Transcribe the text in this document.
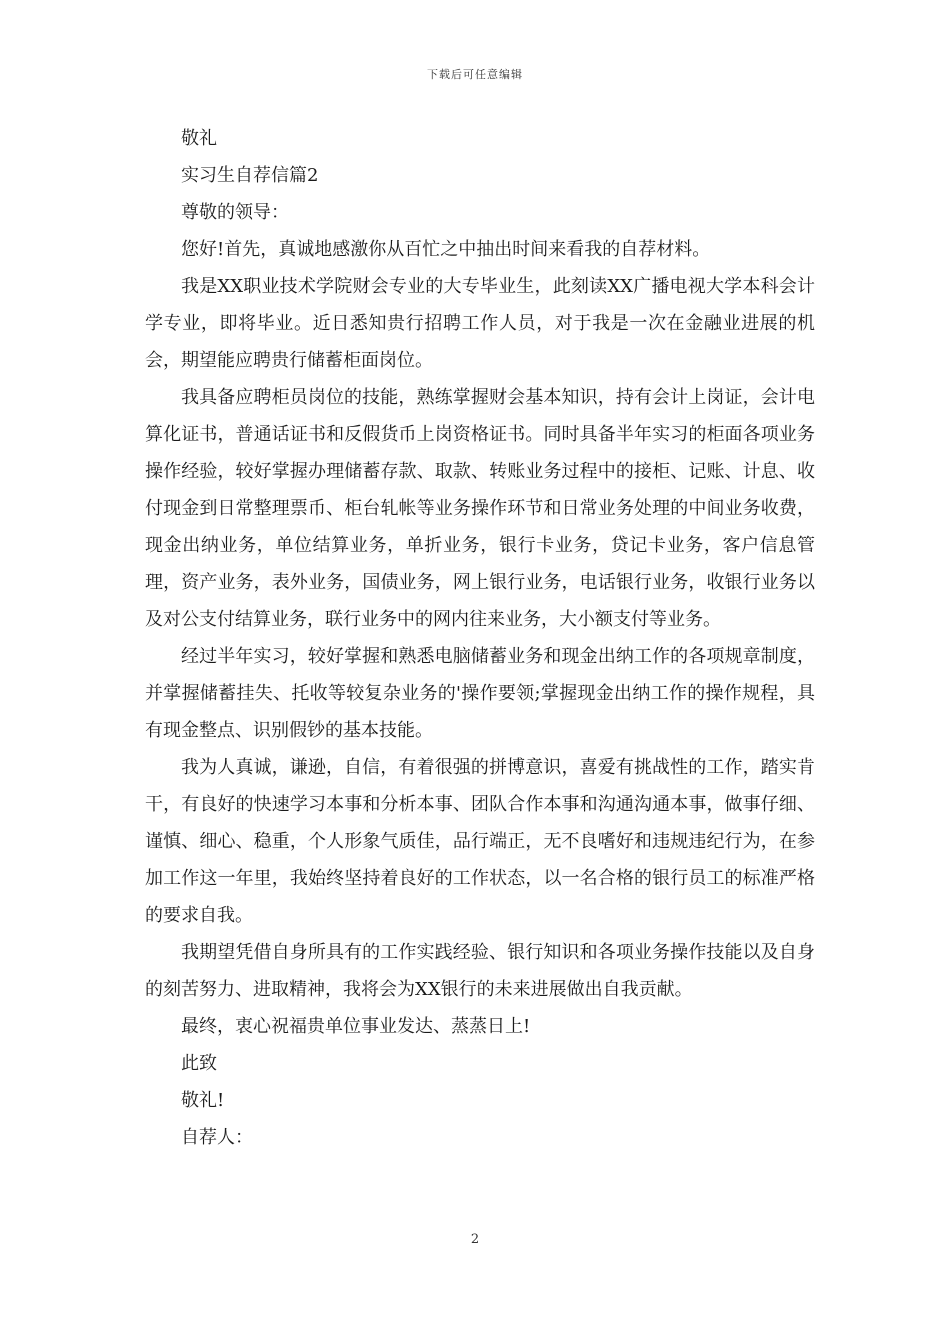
下载后可任意编辑

敬礼

实习生自荐信篇2

尊敬的领导：

您好!首先，真诚地感激你从百忙之中抽出时间来看我的自荐材料。

我是XX职业技术学院财会专业的大专毕业生，此刻读XX广播电视大学本科会计学专业，即将毕业。近日悉知贵行招聘工作人员，对于我是一次在金融业进展的机会，期望能应聘贵行储蓄柜面岗位。

我具备应聘柜员岗位的技能，熟练掌握财会基本知识，持有会计上岗证，会计电算化证书，普通话证书和反假货币上岗资格证书。同时具备半年实习的柜面各项业务操作经验，较好掌握办理储蓄存款、取款、转账业务过程中的接柜、记账、计息、收付现金到日常整理票币、柜台轧帐等业务操作环节和日常业务处理的中间业务收费，现金出纳业务，单位结算业务，单折业务，银行卡业务，贷记卡业务，客户信息管理，资产业务，表外业务，国债业务，网上银行业务，电话银行业务，收银行业务以及对公支付结算业务，联行业务中的网内往来业务，大小额支付等业务。

经过半年实习，较好掌握和熟悉电脑储蓄业务和现金出纳工作的各项规章制度，并掌握储蓄挂失、托收等较复杂业务的'操作要领;掌握现金出纳工作的操作规程，具有现金整点、识别假钞的基本技能。

我为人真诚，谦逊，自信，有着很强的拼博意识，喜爱有挑战性的工作，踏实肯干，有良好的快速学习本事和分析本事、团队合作本事和沟通沟通本事，做事仔细、谨慎、细心、稳重，个人形象气质佳，品行端正，无不良嗜好和违规违纪行为，在参加工作这一年里，我始终坚持着良好的工作状态，以一名合格的银行员工的标准严格的要求自我。

我期望凭借自身所具有的工作实践经验、银行知识和各项业务操作技能以及自身的刻苦努力、进取精神，我将会为XX银行的未来进展做出自我贡献。

最终，衷心祝福贵单位事业发达、蒸蒸日上!

此致

敬礼!

自荐人：

2
